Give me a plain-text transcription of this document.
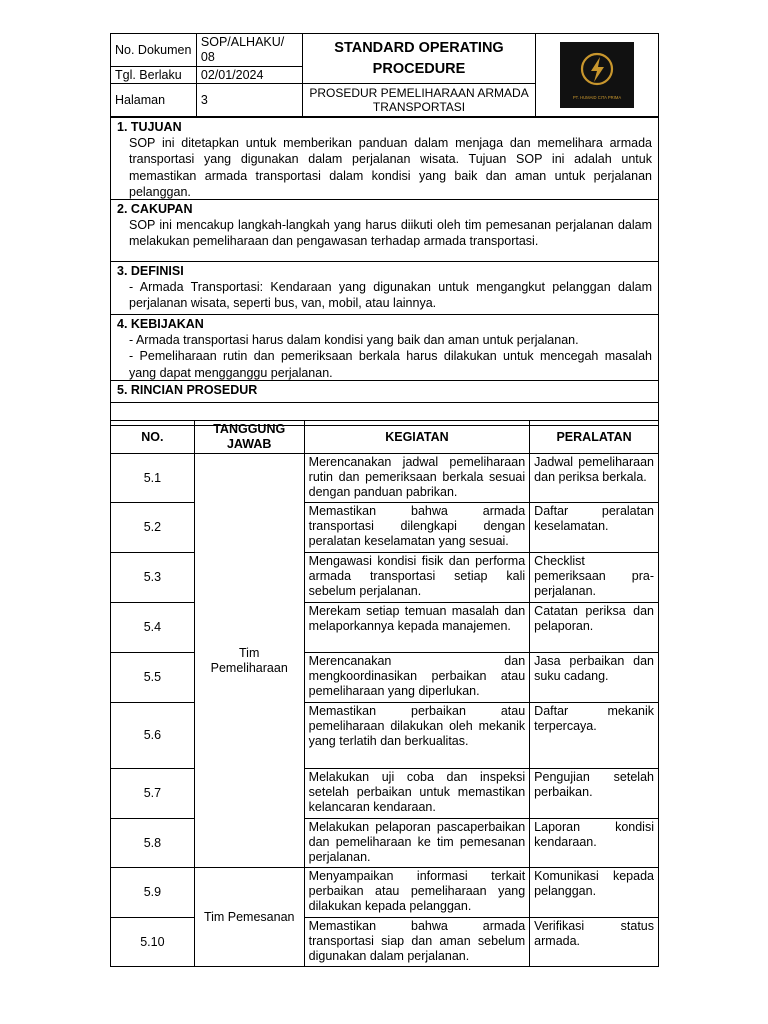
No. Dokumen	SOP/ALHAKU/ 08	STANDARD OPERATING PROCEDURE	PT. HUMAID CITA PRIMA

Tgl. Berlaku	02/01/2024		
Halaman	3	PROSEDUR PEMELIHARAAN ARMADA TRANSPORTASI	
1. TUJUAN
SOP ini ditetapkan untuk memberikan panduan dalam menjaga dan memelihara armada transportasi yang digunakan dalam perjalanan wisata. Tujuan SOP ini adalah untuk memastikan armada transportasi dalam kondisi yang baik dan aman untuk perjalanan pelanggan.
2. CAKUPAN
SOP ini mencakup langkah-langkah yang harus diikuti oleh tim pemesanan perjalanan dalam melakukan pemeliharaan dan pengawasan terhadap armada transportasi.
3. DEFINISI
- Armada Transportasi: Kendaraan yang digunakan untuk mengangkut pelanggan dalam perjalanan wisata, seperti bus, van, mobil, atau lainnya.
4. KEBIJAKAN
- Armada transportasi harus dalam kondisi yang baik dan aman untuk perjalanan.
- Pemeliharaan rutin dan pemeriksaan berkala harus dilakukan untuk mencegah masalah yang dapat mengganggu perjalanan.
5. RINCIAN PROSEDUR
NO.	TANGGUNG JAWAB	KEGIATAN	PERALATAN
5.1	Tim Pemeliharaan	Merencanakan jadwal pemeliharaan rutin dan pemeriksaan berkala sesuai dengan panduan pabrikan.	Jadwal pemeliharaan dan periksa berkala.
5.2		Memastikan bahwa armada transportasi dilengkapi dengan peralatan keselamatan yang sesuai.	Daftar peralatan keselamatan.
5.3		Mengawasi kondisi fisik dan performa armada transportasi setiap kali sebelum perjalanan.	Checklist pemeriksaan pra-perjalanan.
5.4		Merekam setiap temuan masalah dan melaporkannya kepada manajemen.	Catatan periksa dan pelaporan.
5.5		Merencanakan dan mengkoordinasikan perbaikan atau pemeliharaan yang diperlukan.	Jasa perbaikan dan suku cadang.
5.6		Memastikan perbaikan atau pemeliharaan dilakukan oleh mekanik yang terlatih dan berkualitas.	Daftar mekanik terpercaya.
5.7		Melakukan uji coba dan inspeksi setelah perbaikan untuk memastikan kelancaran kendaraan.	Pengujian setelah perbaikan.
5.8		Melakukan pelaporan pascaperbaikan dan pemeliharaan ke tim pemesanan perjalanan.	Laporan kondisi kendaraan.
5.9	Tim Pemesanan	Menyampaikan informasi terkait perbaikan atau pemeliharaan yang dilakukan kepada pelanggan.	Komunikasi kepada pelanggan.
5.10		Memastikan bahwa armada transportasi siap dan aman sebelum digunakan dalam perjalanan.	Verifikasi status armada.
